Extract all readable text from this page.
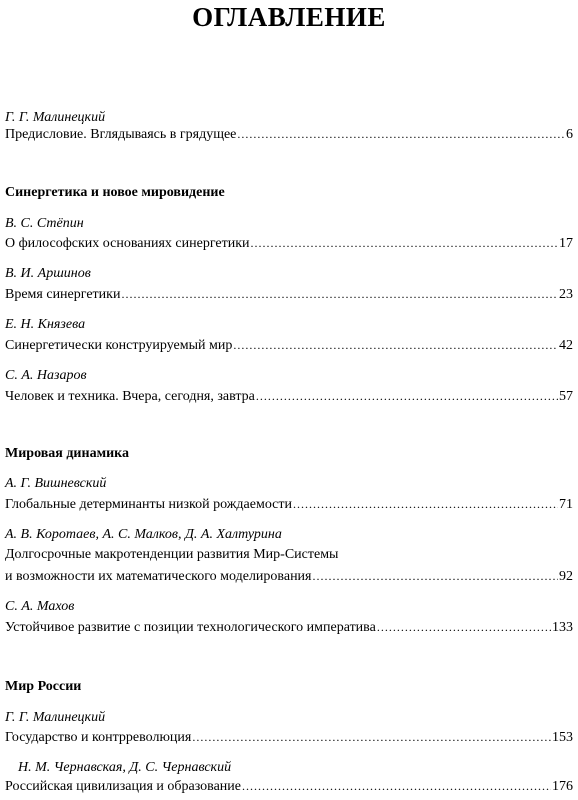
ОГЛАВЛЕНИЕ
Г. Г. Малинецкий
Предисловие. Вглядываясь в грядущее .....	6
Синергетика и новое мировидение
В. С. Стёпин
О философских основаниях синергетики .....	17
В. И. Аршинов
Время синергетики .....	23
Е. Н. Князева
Синергетически конструируемый мир .....	42
С. А. Назаров
Человек и техника. Вчера, сегодня, завтра .....	57
Мировая динамика
А. Г. Вишневский
Глобальные детерминанты низкой рождаемости .....	71
А. В. Коротаев, А. С. Малков, Д. А. Халтурина
Долгосрочные макротенденции развития Мир-Системы
и возможности их математического моделирования .....	92
С. А. Махов
Устойчивое развитие с позиции технологического императива .....	133
Мир России
Г. Г. Малинецкий
Государство и контрреволюция .....	153
Н. М. Чернавская, Д. С. Чернавский
Российская цивилизация и образование .....	176
